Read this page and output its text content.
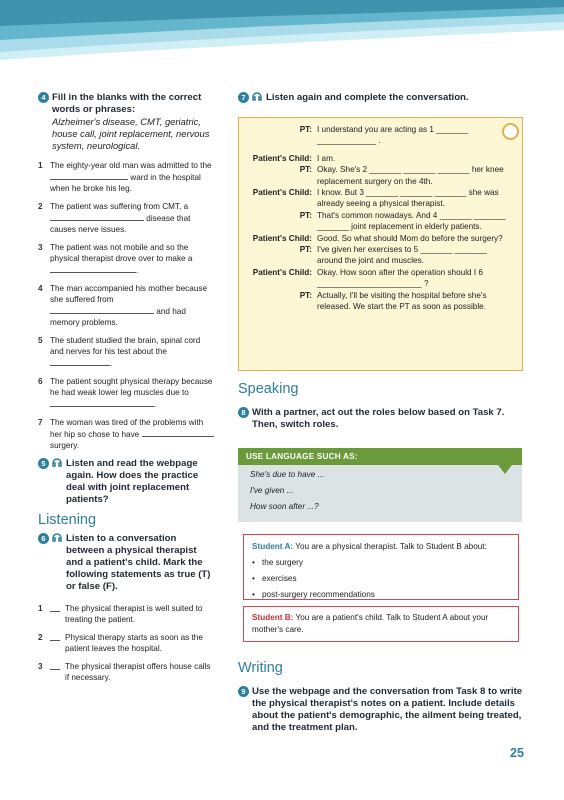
4 Fill in the blanks with the correct words or phrases:
Alzheimer's disease, CMT, geriatric, house call, joint replacement, nervous system, neurological.
1 The eighty-year old man was admitted to the  ward in the hospital when he broke his leg.
2 The patient was suffering from CMT, a  disease that causes nerve issues.
3 The patient was not mobile and so the physical therapist drove over to make a .
4 The man accompanied his mother because she suffered from  and had memory problems.
5 The student studied the brain, spinal cord and nerves for his test about the .
6 The patient sought physical therapy because he had weak lower leg muscles due to .
7 The woman was tired of the problems with her hip so chose to have  surgery.
5	Listen and read the webpage again. How does the practice deal with joint replacement patients?
Listening
6	Listen to a conversation between a physical therapist and a patient's child. Mark the following statements as true (T) or false (F).
1	The physical therapist is well suited to treating the patient.
2	Physical therapy starts as soon as the patient leaves the hospital.
3	The physical therapist offers house calls if necessary.
7	Listen again and complete the conversation.
PT: I understand you are acting as 1 _______ _____________ .
Patient's Child: I am.
PT: Okay. She's 2 _______ _______ _______ her knee replacement surgery on the 4th.
Patient's Child: I know. But 3 _______ _______ _______ she was already seeing a physical therapist.
PT: That's common nowadays. And 4 _______ _______ _______ joint replacement in elderly patients.
Patient's Child: Good. So what should Mom do before the surgery?
PT: I've given her exercises to 5 _______ _______ around the joint and muscles.
Patient's Child: Okay. How soon after the operation should I 6 _______________________ ?
PT: Actually, I'll be visiting the hospital before she's released. We start the PT as soon as possible.
Speaking
8 With a partner, act out the roles below based on Task 7. Then, switch roles.
USE LANGUAGE SUCH AS:
She's due to have ...
I've given ...
How soon after ...?
Student A: You are a physical therapist. Talk to Student B about:
• the surgery
• exercises
• post-surgery recommendations
Student B: You are a patient's child. Talk to Student A about your mother's care.
Writing
9 Use the webpage and the conversation from Task 8 to write the physical therapist's notes on a patient. Include details about the patient's demographic, the ailment being treated, and the treatment plan.
25
